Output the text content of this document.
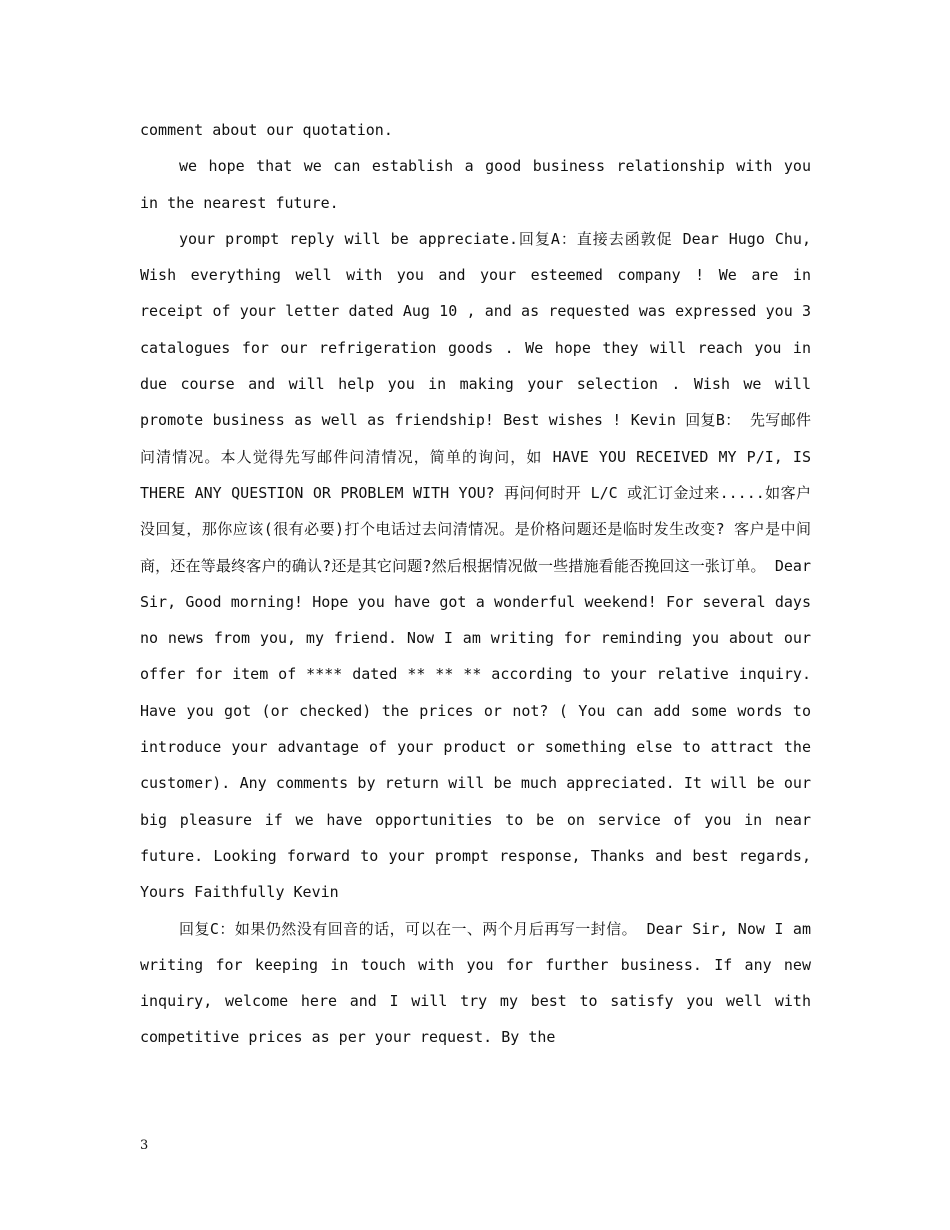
comment about our quotation.

we hope that we can establish a good business relationship with you in the nearest future.

your prompt reply will be appreciate.回复A：直接去函敦促 Dear Hugo Chu, Wish everything well with you and your esteemed company ! We are in receipt of your letter dated Aug 10 , and as requested was expressed you 3 catalogues for our refrigeration goods . We hope they will reach you in due course and will help you in making your selection . Wish we will promote business as well as friendship! Best wishes ! Kevin 回复B： 先写邮件问清情况。本人觉得先写邮件问清情况，简单的询问，如 HAVE YOU RECEIVED MY P/I, IS THERE ANY QUESTION OR PROBLEM WITH YOU? 再问何时开 L/C 或汇订金过来.....如客户没回复，那你应该(很有必要)打个电话过去问清情况。是价格问题还是临时发生改变? 客户是中间商，还在等最终客户的确认?还是其它问题?然后根据情况做一些措施看能否挽回这一张订单。 Dear Sir, Good morning! Hope you have got a wonderful weekend! For several days no news from you, my friend. Now I am writing for reminding you about our offer for item of **** dated ** ** ** according to your relative inquiry. Have you got (or checked) the prices or not? ( You can add some words to introduce your advantage of your product or something else to attract the customer). Any comments by return will be much appreciated. It will be our big pleasure if we have opportunities to be on service of you in near future. Looking forward to your prompt response, Thanks and best regards, Yours Faithfully Kevin

回复C：如果仍然没有回音的话，可以在一、两个月后再写一封信。 Dear Sir, Now I am writing for keeping in touch with you for further business. If any new inquiry, welcome here and I will try my best to satisfy you well with competitive prices as per your request. By the

3
